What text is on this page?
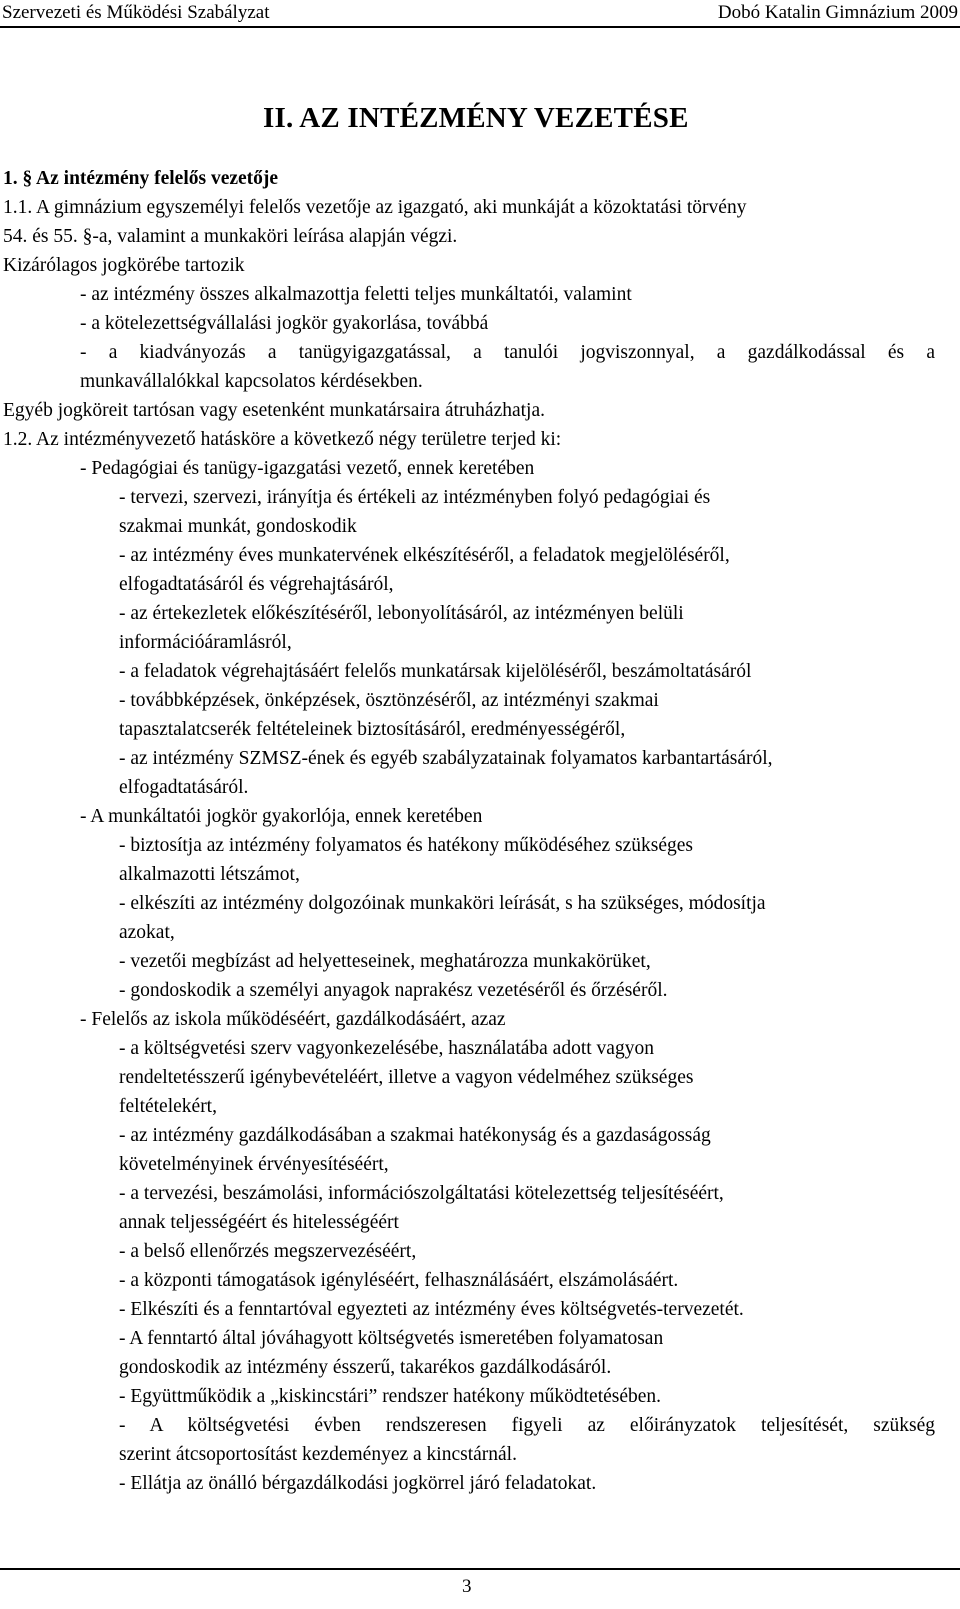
Szervezeti és Működési Szabályzat	Dobó Katalin Gimnázium 2009
II. AZ INTÉZMÉNY VEZETÉSE
1. § Az intézmény felelős vezetője
1.1. A gimnázium egyszemélyi felelős vezetője az igazgató, aki munkáját a közoktatási törvény
54. és 55. §-a, valamint a munkaköri leírása alapján végzi.
Kizárólagos jogkörébe tartozik
- az intézmény összes alkalmazottja feletti teljes munkáltatói, valamint
- a kötelezettségvállalási jogkör gyakorlása, továbbá
- a kiadványozás a tanügyigazgatással, a tanulói jogviszonnyal, a gazdálkodással és a
munkavállalókkal kapcsolatos kérdésekben.
Egyéb jogköreit tartósan vagy esetenként munkatársaira átruházhatja.
1.2. Az intézményvezető hatásköre a következő négy területre terjed ki:
- Pedagógiai és tanügy-igazgatási vezető, ennek keretében
- tervezi, szervezi, irányítja és értékeli az intézményben folyó pedagógiai és
szakmai munkát, gondoskodik
- az intézmény éves munkatervének elkészítéséről, a feladatok megjelöléséről,
elfogadtatásáról és végrehajtásáról,
- az értekezletek előkészítéséről, lebonyolításáról, az intézményen belüli
információáramlásról,
- a feladatok végrehajtásáért felelős munkatársak kijelöléséről, beszámoltatásáról
- továbbképzések, önképzések, ösztönzéséről, az intézményi szakmai
tapasztalatcserék feltételeinek biztosításáról, eredményességéről,
- az intézmény SZMSZ-ének és egyéb szabályzatainak folyamatos karbantartásáról,
elfogadtatásáról.
- A munkáltatói jogkör gyakorlója, ennek keretében
- biztosítja az intézmény folyamatos és hatékony működéséhez szükséges
alkalmazotti létszámot,
- elkészíti az intézmény dolgozóinak munkaköri leírását, s ha szükséges, módosítja
azokat,
- vezetői megbízást ad helyetteseinek, meghatározza munkakörüket,
- gondoskodik a személyi anyagok naprakész vezetéséről és őrzéséről.
- Felelős az iskola működéséért, gazdálkodásáért, azaz
- a költségvetési szerv vagyonkezelésébe, használatába adott vagyon
rendeltetésszerű igénybevételéért, illetve a vagyon védelméhez szükséges
feltételekért,
- az intézmény gazdálkodásában a szakmai hatékonyság és a gazdaságosság
követelményinek érvényesítéséért,
- a tervezési, beszámolási, információszolgáltatási kötelezettség teljesítéséért,
annak teljességéért és hitelességéért
- a belső ellenőrzés megszervezéséért,
- a központi támogatások igényléséért, felhasználásáért, elszámolásáért.
- Elkészíti és a fenntartóval egyezteti az intézmény éves költségvetés-tervezetét.
- A fenntartó által jóváhagyott költségvetés ismeretében folyamatosan
gondoskodik az intézmény ésszerű, takarékos gazdálkodásáról.
- Együttműködik a „kiskincstári” rendszer hatékony működtetésében.
- A költségvetési évben rendszeresen figyeli az előirányzatok teljesítését, szükség
szerint átcsoportosítást kezdeményez a kincstárnál.
- Ellátja az önálló bérgazdálkodási jogkörrel járó feladatokat.
3
